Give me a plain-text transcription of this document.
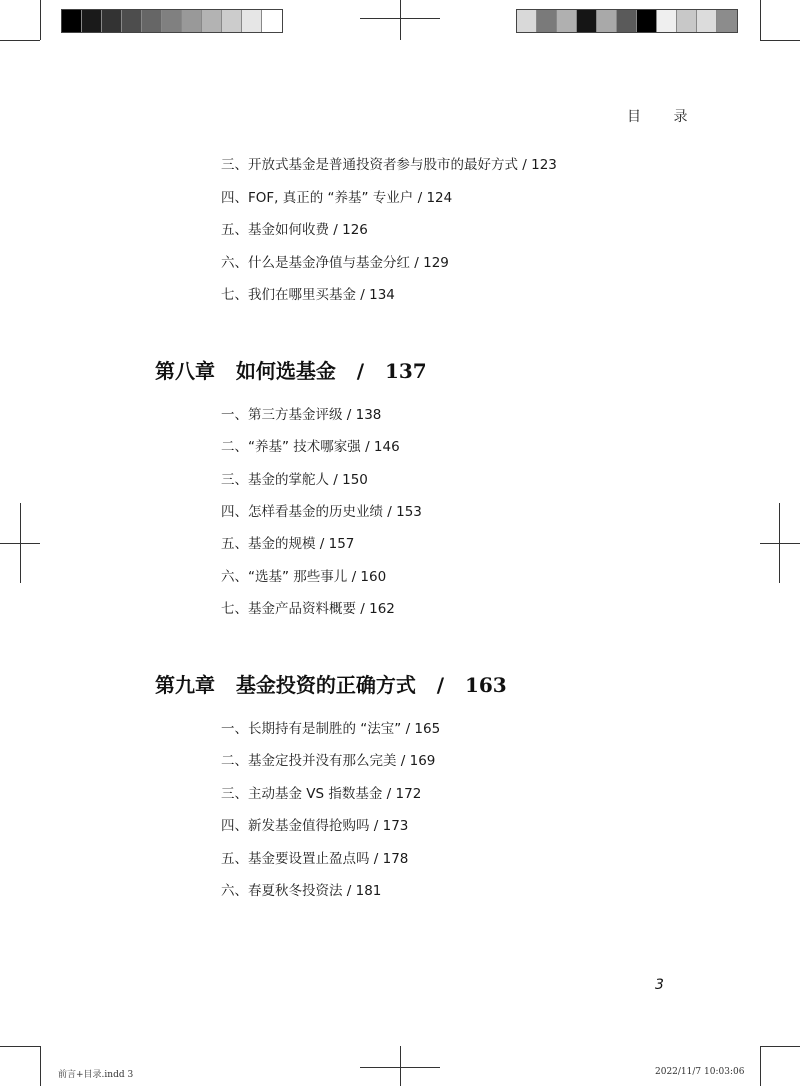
目 录
三、开放式基金是普通投资者参与股市的最好方式 / 123
四、FOF, 真正的 “养基” 专业户 / 124
五、基金如何收费 / 126
六、什么是基金净值与基金分红 / 129
七、我们在哪里买基金 / 134
第八章   如何选基金   /   137
一、第三方基金评级 / 138
二、“养基” 技术哪家强 / 146
三、基金的掌舵人 / 150
四、怎样看基金的历史业绩 / 153
五、基金的规模 / 157
六、“选基” 那些事儿 / 160
七、基金产品资料概要 / 162
第九章   基金投资的正确方式   /   163
一、长期持有是制胜的 “法宝” / 165
二、基金定投并没有那么完美 / 169
三、主动基金 VS 指数基金 / 172
四、新发基金值得抢购吗 / 173
五、基金要设置止盈点吗 / 178
六、春夏秋冬投资法 / 181
3
前言+目录.indd 3	2022/11/7 10:03:06
